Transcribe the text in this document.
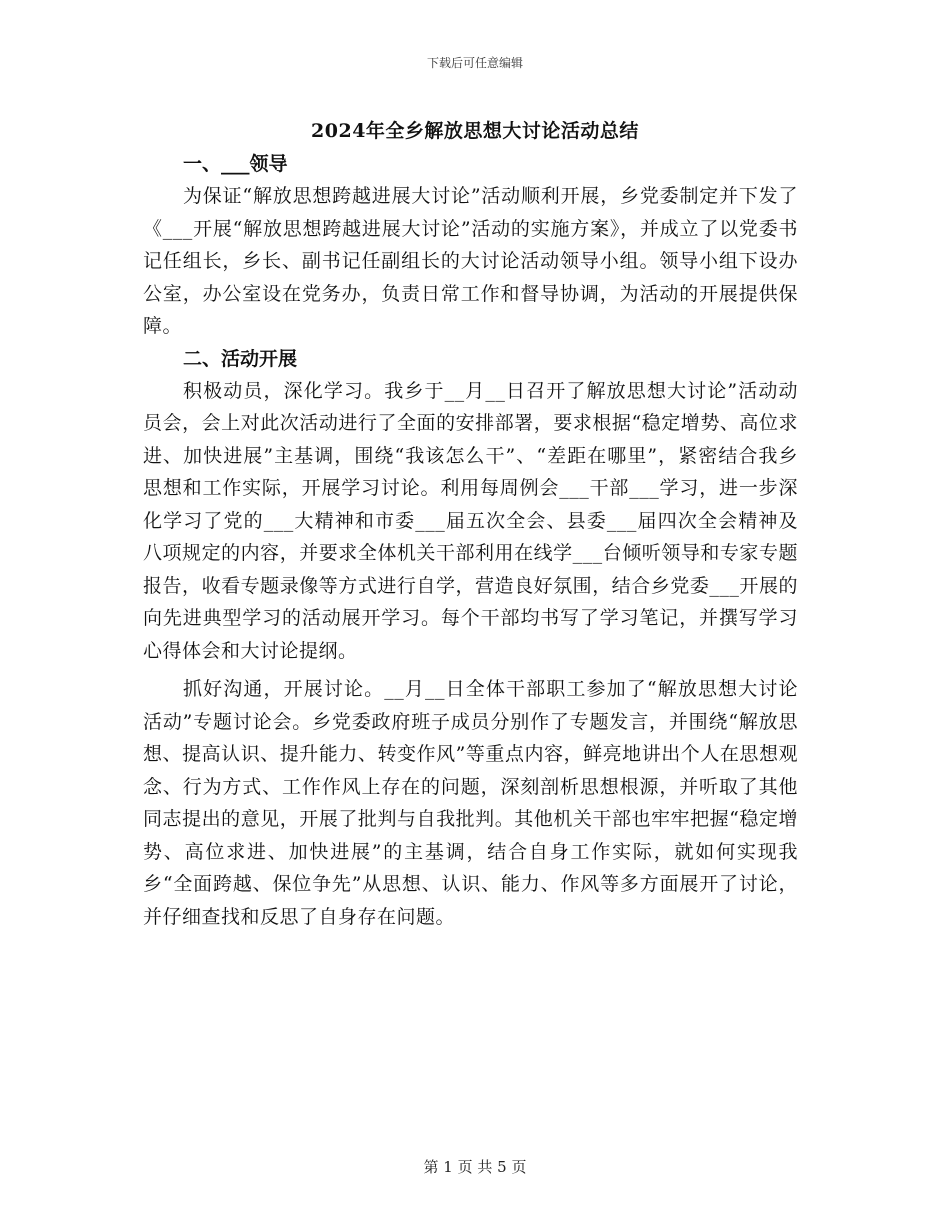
下载后可任意编辑
2024年全乡解放思想大讨论活动总结

一、___领导

为保证“解放思想跨越进展大讨论”活动顺利开展，乡党委制定并下发了《___开展“解放思想跨越进展大讨论”活动的实施方案》，并成立了以党委书记任组长，乡长、副书记任副组长的大讨论活动领导小组。领导小组下设办公室，办公室设在党务办，负责日常工作和督导协调，为活动的开展提供保障。

二、活动开展

积极动员，深化学习。我乡于__月__日召开了解放思想大讨论”活动动员会，会上对此次活动进行了全面的安排部署，要求根据“稳定增势、高位求进、加快进展”主基调，围绕“我该怎么干”、“差距在哪里”，紧密结合我乡思想和工作实际，开展学习讨论。利用每周例会___干部___学习，进一步深化学习了党的___大精神和市委___届五次全会、县委___届四次全会精神及八项规定的内容，并要求全体机关干部利用在线学___台倾听领导和专家专题报告，收看专题录像等方式进行自学，营造良好氛围，结合乡党委___开展的向先进典型学习的活动展开学习。每个干部均书写了学习笔记，并撰写学习心得体会和大讨论提纲。

抓好沟通，开展讨论。__月__日全体干部职工参加了“解放思想大讨论活动”专题讨论会。乡党委政府班子成员分别作了专题发言，并围绕“解放思想、提高认识、提升能力、转变作风”等重点内容，鲜亮地讲出个人在思想观念、行为方式、工作作风上存在的问题，深刻剖析思想根源，并听取了其他同志提出的意见，开展了批判与自我批判。其他机关干部也牢牢把握“稳定增势、高位求进、加快进展”的主基调，结合自身工作实际，就如何实现我乡“全面跨越、保位争先”从思想、认识、能力、作风等多方面展开了讨论，并仔细查找和反思了自身存在问题。

第 1 页 共 5 页
